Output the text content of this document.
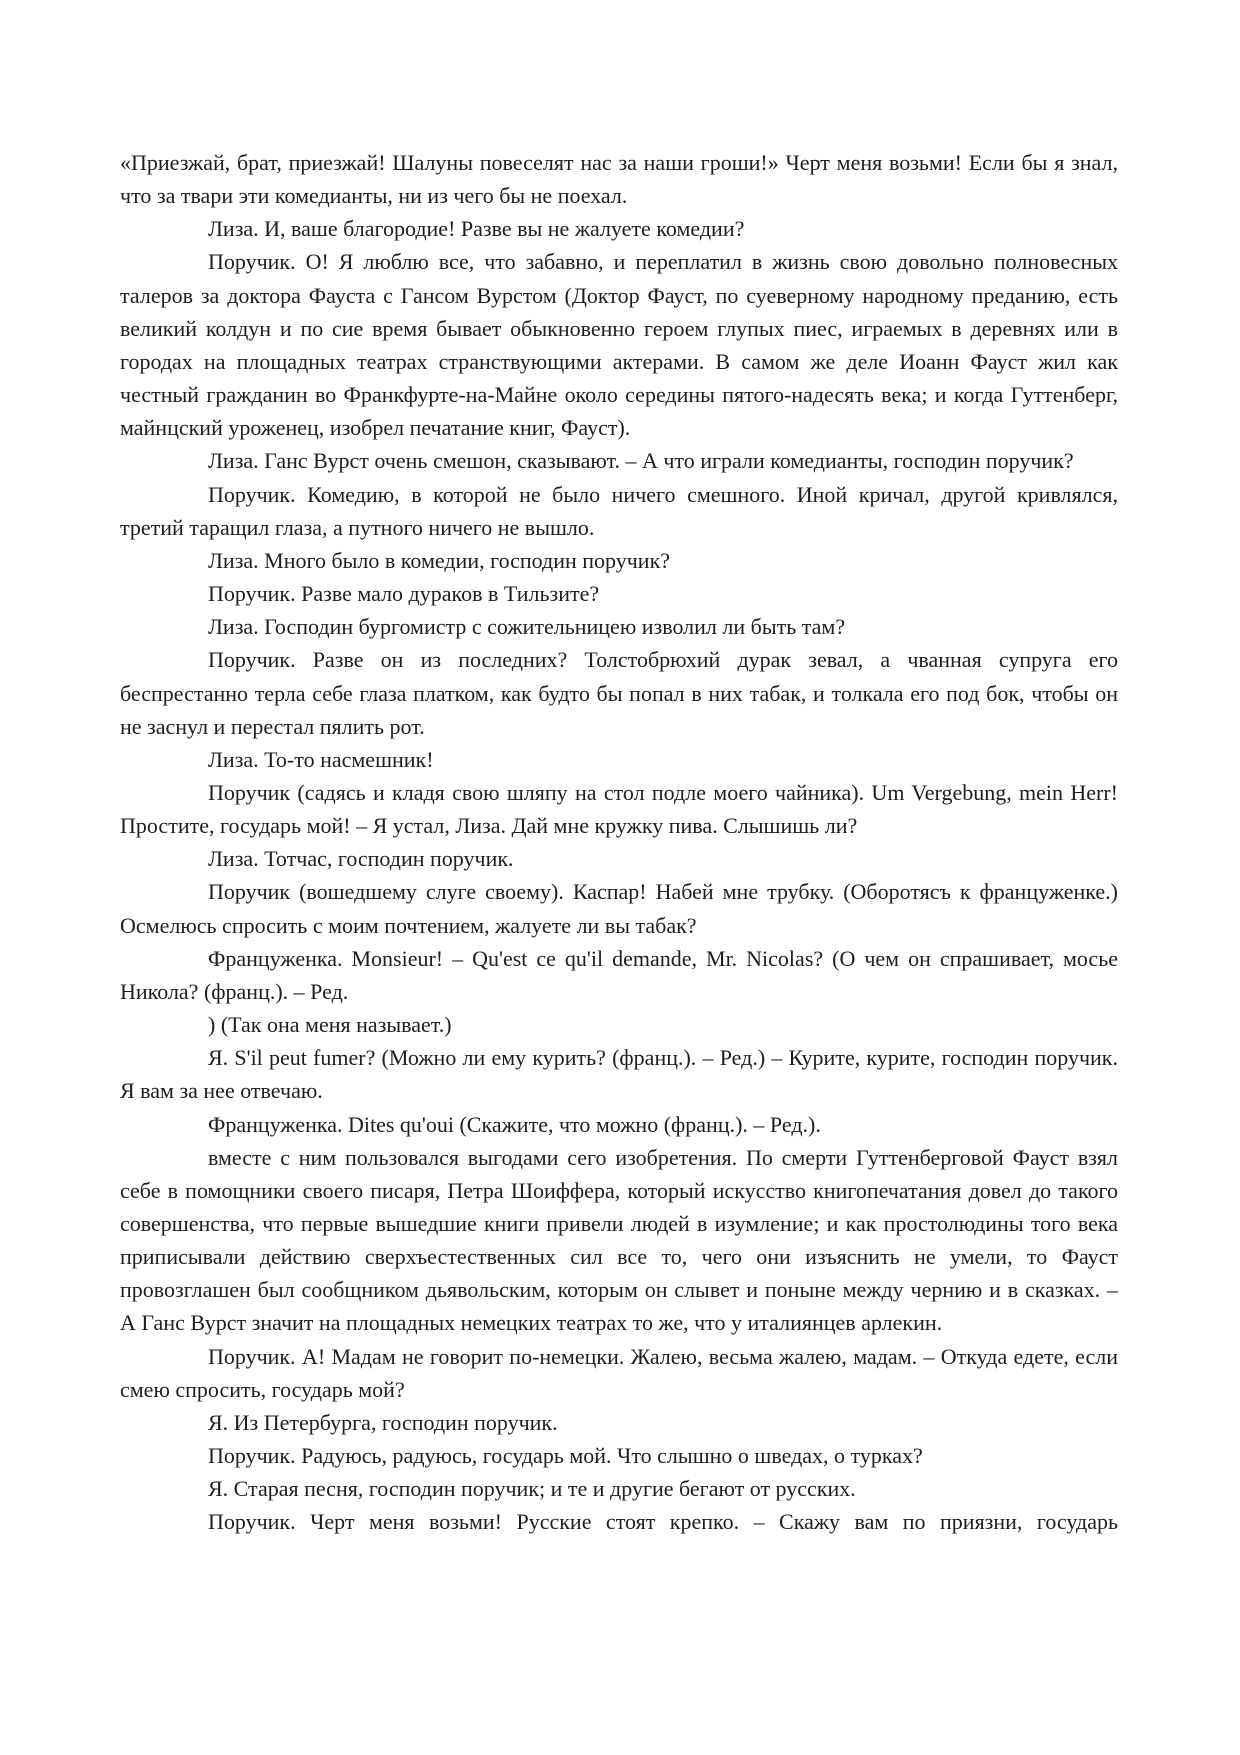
«Приезжай, брат, приезжай! Шалуны повеселят нас за наши гроши!» Черт меня возьми! Если бы я знал, что за твари эти комедианты, ни из чего бы не поехал.

Лиза. И, ваше благородие! Разве вы не жалуете комедии?

Поручик. О! Я люблю все, что забавно, и переплатил в жизнь свою довольно полновесных талеров за доктора Фауста с Гансом Вурстом (Доктор Фауст, по суеверному народному преданию, есть великий колдун и по сие время бывает обыкновенно героем глупых пиес, играемых в деревнях или в городах на площадных театрах странствующими актерами. В самом же деле Иоанн Фауст жил как честный гражданин во Франкфурте-на-Майне около середины пятого-надесять века; и когда Гуттенберг, майнцский уроженец, изобрел печатание книг, Фауст).

Лиза. Ганс Вурст очень смешон, сказывают. – А что играли комедианты, господин поручик?

Поручик. Комедию, в которой не было ничего смешного. Иной кричал, другой кривлялся, третий таращил глаза, а путного ничего не вышло.

Лиза. Много было в комедии, господин поручик?

Поручик. Разве мало дураков в Тильзите?

Лиза. Господин бургомистр с сожительницею изволил ли быть там?

Поручик. Разве он из последних? Толстобрюхий дурак зевал, а чванная супруга его беспрестанно терла себе глаза платком, как будто бы попал в них табак, и толкала его под бок, чтобы он не заснул и перестал пялить рот.

Лиза. То-то насмешник!

Поручик (садясь и кладя свою шляпу на стол подле моего чайника). Um Vergebung, mein Herr! Простите, государь мой! – Я устал, Лиза. Дай мне кружку пива. Слышишь ли?

Лиза. Тотчас, господин поручик.

Поручик (вошедшему слуге своему). Каспар! Набей мне трубку. (Оборотясъ к француженке.) Осмелюсь спросить с моим почтением, жалуете ли вы табак?

Француженка. Monsieur! – Qu'est ce qu'il demande, Mr. Nicolas? (О чем он спрашивает, мосье Никола? (франц.). – Ред.

) (Так она меня называет.)

Я. S'il peut fumer? (Можно ли ему курить? (франц.). – Ред.) – Курите, курите, господин поручик. Я вам за нее отвечаю.

Француженка. Dites qu'oui (Скажите, что можно (франц.). – Ред.).

вместе с ним пользовался выгодами сего изобретения. По смерти Гуттенберговой Фауст взял себе в помощники своего писаря, Петра Шоиффера, который искусство книгопечатания довел до такого совершенства, что первые вышедшие книги привели людей в изумление; и как простолюдины того века приписывали действию сверхъестественных сил все то, чего они изъяснить не умели, то Фауст провозглашен был сообщником дьявольским, которым он слывет и поныне между чернию и в сказках. – А Ганс Вурст значит на площадных немецких театрах то же, что у италиянцев арлекин.

Поручик. А! Мадам не говорит по-немецки. Жалею, весьма жалею, мадам. – Откуда едете, если смею спросить, государь мой?

Я. Из Петербурга, господин поручик.

Поручик. Радуюсь, радуюсь, государь мой. Что слышно о шведах, о турках?

Я. Старая песня, господин поручик; и те и другие бегают от русских.

Поручик. Черт меня возьми! Русские стоят крепко. – Скажу вам по приязни, государь
